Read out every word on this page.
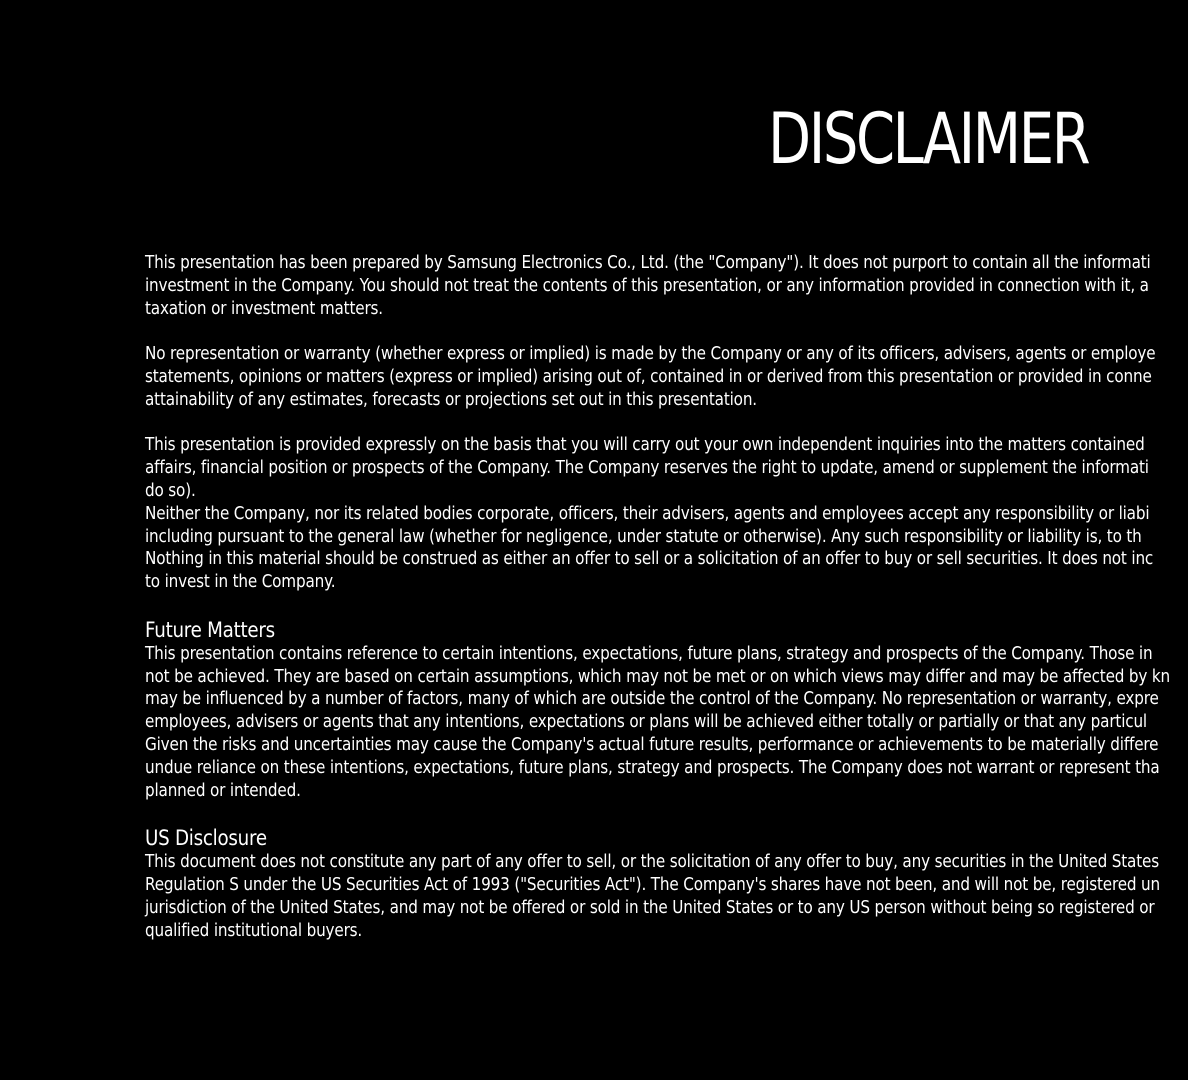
DISCLAIMER
This presentation has been prepared by Samsung Electronics Co., Ltd. (the "Company"). It does not purport to contain all the informati
investment in the Company. You should not treat the contents of this presentation, or any information provided in connection with it, a
taxation or investment matters.
No representation or warranty (whether express or implied) is made by the Company or any of its officers, advisers, agents or employe
statements, opinions or matters (express or implied) arising out of, contained in or derived from this presentation or provided in conne
attainability of any estimates, forecasts or projections set out in this presentation.
This presentation is provided expressly on the basis that you will carry out your own independent inquiries into the matters contained
affairs, financial position or prospects of the Company. The Company reserves the right to update, amend or supplement the informati
do so).
Neither the Company, nor its related bodies corporate, officers, their advisers, agents and employees accept any responsibility or liabi
including pursuant to the general law (whether for negligence, under statute or otherwise). Any such responsibility or liability is, to th
Nothing in this material should be construed as either an offer to sell or a solicitation of an offer to buy or sell securities. It does not inc
to invest in the Company.
Future Matters
This presentation contains reference to certain intentions, expectations, future plans, strategy and prospects of the Company. Those in
not be achieved. They are based on certain assumptions, which may not be met or on which views may differ and may be affected by kn
may be influenced by a number of factors, many of which are outside the control of the Company. No representation or warranty, expre
employees, advisers or agents that any intentions, expectations or plans will be achieved either totally or partially or that any particul
Given the risks and uncertainties may cause the Company's actual future results, performance or achievements to be materially differe
undue reliance on these intentions, expectations, future plans, strategy and prospects. The Company does not warrant or represent tha
planned or intended.
US Disclosure
This document does not constitute any part of any offer to sell, or the solicitation of any offer to buy, any securities in the United States
Regulation S under the US Securities Act of 1993 ("Securities Act"). The Company's shares have not been, and will not be, registered un
jurisdiction of the United States, and may not be offered or sold in the United States or to any US person without being so registered or
qualified institutional buyers.
